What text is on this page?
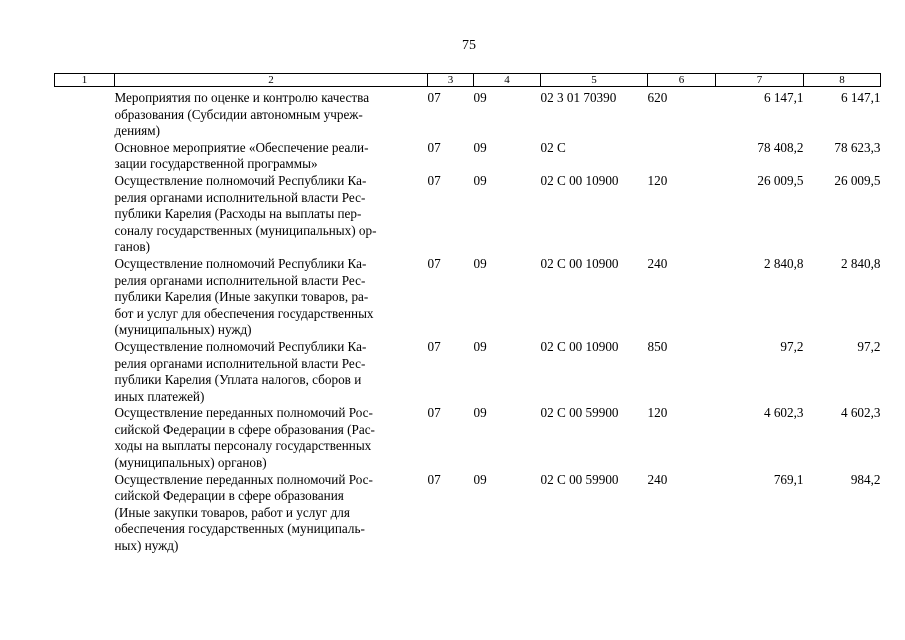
75
1	2	3	4	5	6	7	8

	Мероприятия по оценке и контролю качества
образования (Субсидии автономным учреж-
дениям)	07	09	02 3 01 70390	620	6 147,1	6 147,1

	Основное мероприятие «Обеспечение реали-
зации государственной программы»	07	09	02 С		78 408,2	78 623,3

	Осуществление полномочий Республики Ка-
релия органами исполнительной власти Рес-
публики Карелия (Расходы на выплаты пер-
соналу государственных (муниципальных) ор-
ганов)	07	09	02 С 00 10900	120	26 009,5	26 009,5

	Осуществление полномочий Республики Ка-
релия органами исполнительной власти Рес-
публики Карелия (Иные закупки товаров, ра-
бот и услуг для обеспечения государственных
(муниципальных) нужд)	07	09	02 С 00 10900	240	2 840,8	2 840,8

	Осуществление полномочий Республики Ка-
релия органами исполнительной власти Рес-
публики Карелия (Уплата налогов, сборов и
иных платежей)	07	09	02 С 00 10900	850	97,2	97,2

	Осуществление переданных полномочий Рос-
сийской Федерации в сфере образования (Рас-
ходы на выплаты персоналу государственных
(муниципальных) органов)	07	09	02 С 00 59900	120	4 602,3	4 602,3

	Осуществление переданных полномочий Рос-
сийской Федерации в сфере образования
(Иные закупки товаров, работ и услуг для
обеспечения государственных (муниципаль-
ных) нужд)	07	09	02 С 00 59900	240	769,1	984,2
